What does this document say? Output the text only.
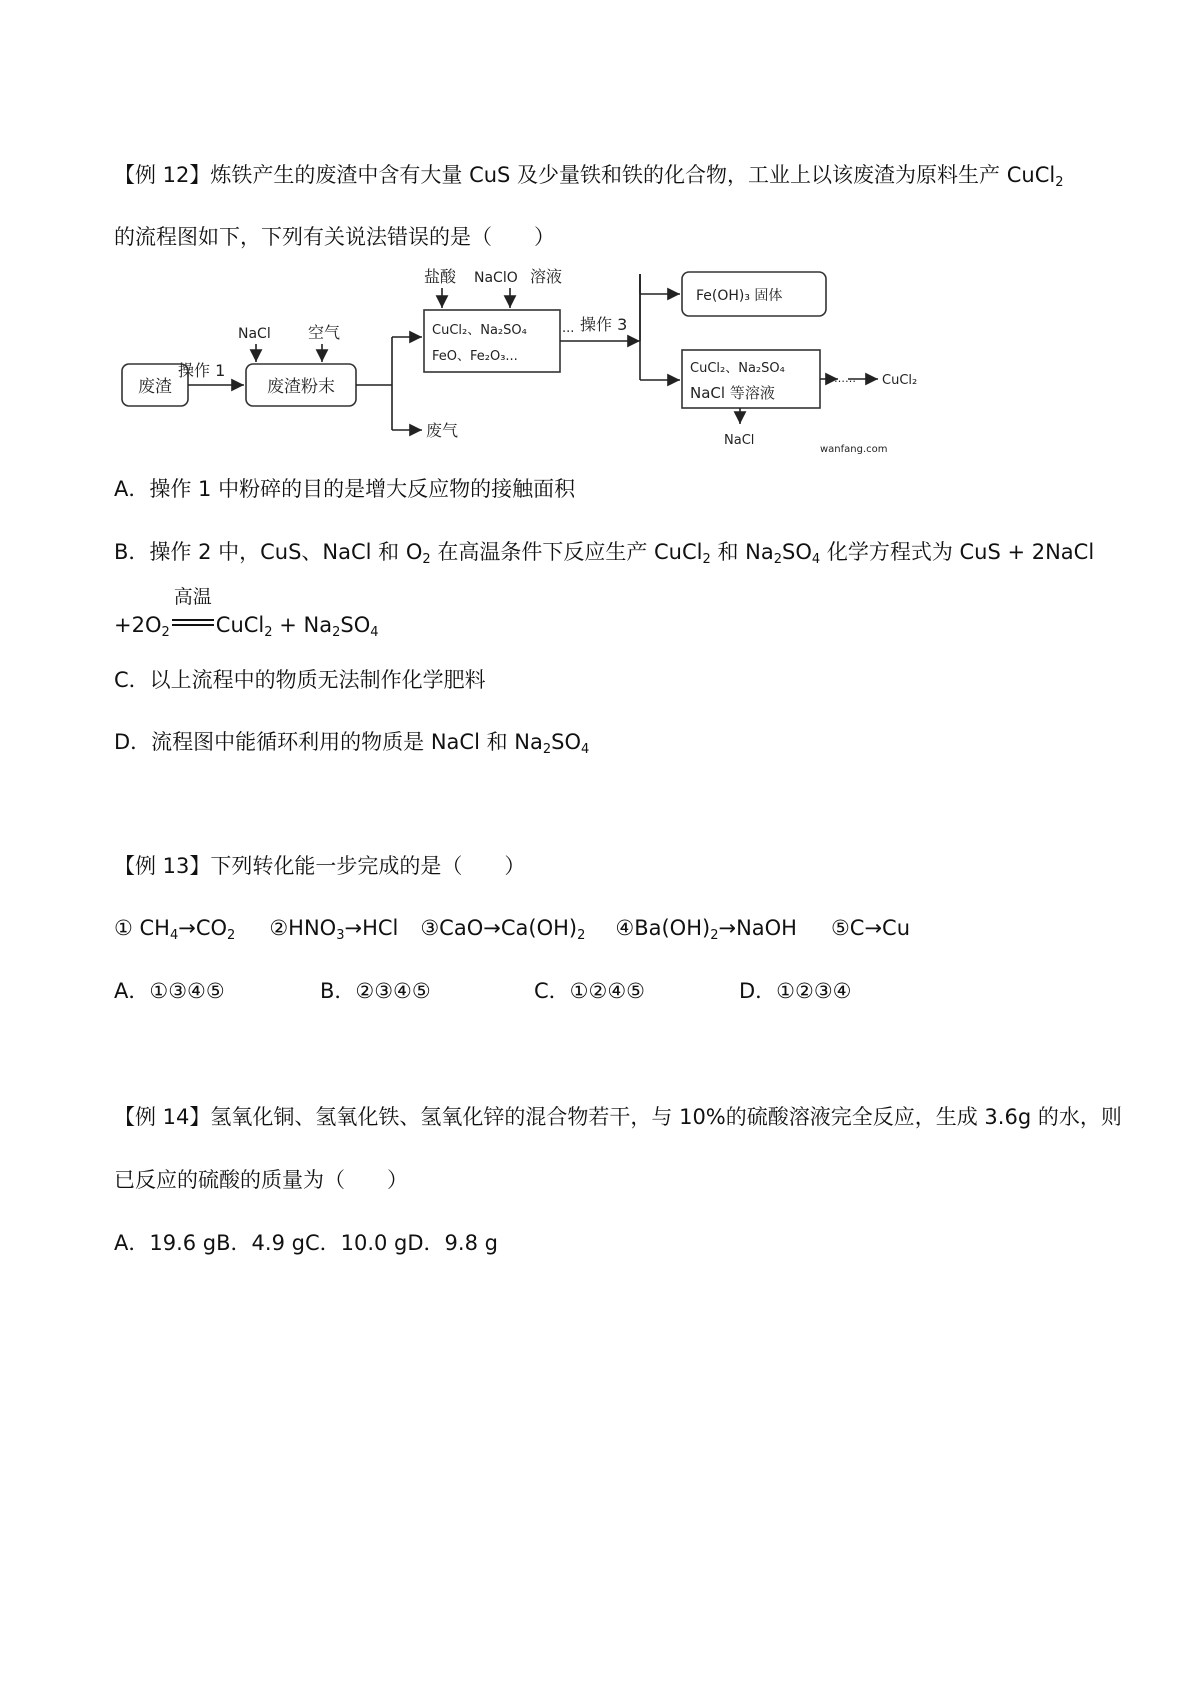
【例 12】炼铁产生的废渣中含有大量 CuS 及少量铁和铁的化合物，工业上以该废渣为原料生产 CuCl$_2$
的流程图如下，下列有关说法错误的是（　　）
废渣
操作 1
NaCl 空气
废渣粉末
盐酸 NaClO 溶液
CuCl₂、Na₂SO₄
FeO、Fe₂O₃...
... 操作 3
Fe(OH)₃ 固体
CuCl₂、Na₂SO₄
NaCl 等溶液
…… CuCl₂
废气
NaCl
wanfang.com
A．操作 1 中粉碎的目的是增大反应物的接触面积
B．操作 2 中，CuS、NaCl 和 $O_2$ 在高温条件下反应生产 CuCl$_2$ 和 $Na_2SO_4$ 化学方程式为 CuS + 2NaCl
$+2O_2$
高温
CuCl$_2$ + $Na_2SO_4$
C．以上流程中的物质无法制作化学肥料
D．流程图中能循环利用的物质是 NaCl 和 $Na_2SO_4$
【例 13】下列转化能一步完成的是（　　）
① $CH_4\to CO_2$ $②HNO_3\to HCl$ $③CaO\to Ca(OH)_2$ $④Ba(OH)_2\to NaOH$ ⑤C→Cu
A．①③④⑤	B．②③④⑤	C．①②④⑤	D．①②③④
【例 14】氢氧化铜、氢氧化铁、氢氧化锌的混合物若干，与 10%的硫酸溶液完全反应，生成 3.6g 的水，则
已反应的硫酸的质量为（　　）
A．19.6 gB．4.9 gC．10.0 gD．9.8 g
